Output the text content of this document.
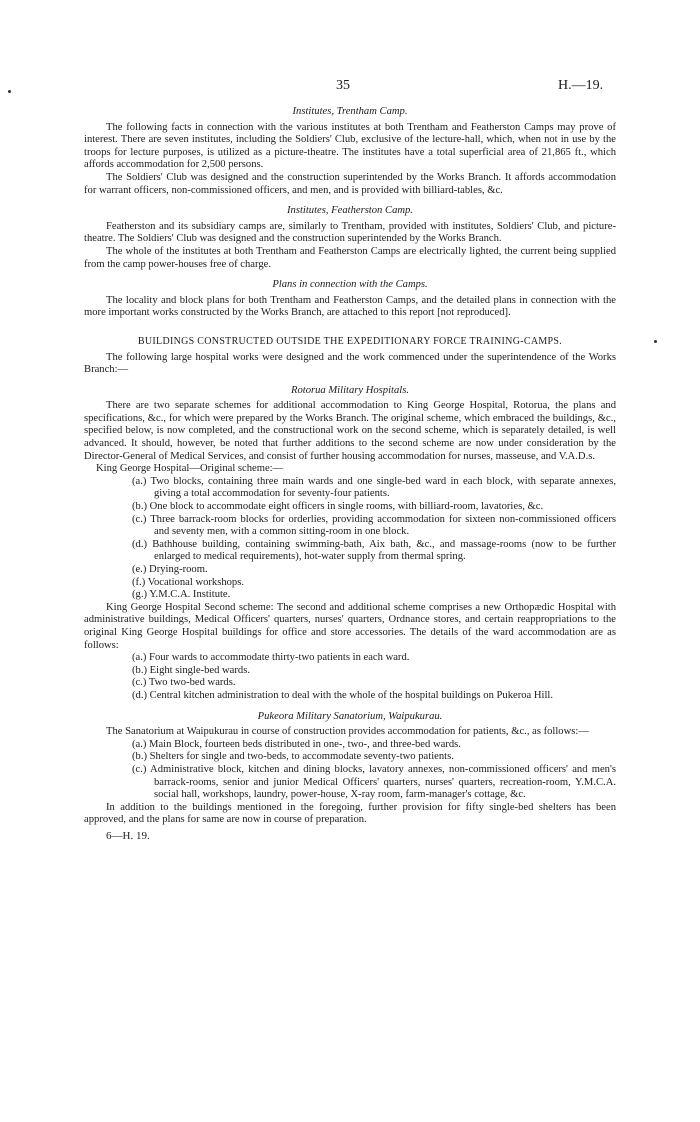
35	H.—19.
Institutes, Trentham Camp.

The following facts in connection with the various institutes at both Trentham and Featherston Camps may prove of interest. There are seven institutes, including the Soldiers' Club, exclusive of the lecture-hall, which, when not in use by the troops for lecture purposes, is utilized as a picture-theatre. The institutes have a total superficial area of 21,865 ft., which affords accommodation for 2,500 persons.

The Soldiers' Club was designed and the construction superintended by the Works Branch. It affords accommodation for warrant officers, non-commissioned officers, and men, and is provided with billiard-tables, &c.

Institutes, Featherston Camp.

Featherston and its subsidiary camps are, similarly to Trentham, provided with institutes, Soldiers' Club, and picture-theatre. The Soldiers' Club was designed and the construction superintended by the Works Branch.

The whole of the institutes at both Trentham and Featherston Camps are electrically lighted, the current being supplied from the camp power-houses free of charge.

Plans in connection with the Camps.

The locality and block plans for both Trentham and Featherston Camps, and the detailed plans in connection with the more important works constructed by the Works Branch, are attached to this report [not reproduced].

BUILDINGS CONSTRUCTED OUTSIDE THE EXPEDITIONARY FORCE TRAINING-CAMPS.

The following large hospital works were designed and the work commenced under the superintendence of the Works Branch:—

Rotorua Military Hospitals.

There are two separate schemes for additional accommodation to King George Hospital, Rotorua, the plans and specifications, &c., for which were prepared by the Works Branch. The original scheme, which embraced the buildings, &c., specified below, is now completed, and the constructional work on the second scheme, which is separately detailed, is well advanced. It should, however, be noted that further additions to the second scheme are now under consideration by the Director-General of Medical Services, and consist of further housing accommodation for nurses, masseuse, and V.A.D.s.

King George Hospital—Original scheme:—

(a.) Two blocks, containing three main wards and one single-bed ward in each block, with separate annexes, giving a total accommodation for seventy-four patients.
(b.) One block to accommodate eight officers in single rooms, with billiard-room, lavatories, &c.
(c.) Three barrack-room blocks for orderlies, providing accommodation for sixteen non-commissioned officers and seventy men, with a common sitting-room in one block.
(d.) Bathhouse building, containing swimming-bath, Aix bath, &c., and massage-rooms (now to be further enlarged to medical requirements), hot-water supply from thermal spring.
(e.) Drying-room.
(f.) Vocational workshops.
(g.) Y.M.C.A. Institute.

King George Hospital Second scheme: The second and additional scheme comprises a new Orthopædic Hospital with administrative buildings, Medical Officers' quarters, nurses' quarters, Ordnance stores, and certain reappropriations to the original King George Hospital buildings for office and store accessories. The details of the ward accommodation are as follows:

(a.) Four wards to accommodate thirty-two patients in each ward.
(b.) Eight single-bed wards.
(c.) Two two-bed wards.
(d.) Central kitchen administration to deal with the whole of the hospital buildings on Pukeroa Hill.
Pukeora Military Sanatorium, Waipukurau.

The Sanatorium at Waipukurau in course of construction provides accommodation for patients, &c., as follows:—

(a.) Main Block, fourteen beds distributed in one-, two-, and three-bed wards.
(b.) Shelters for single and two-beds, to accommodate seventy-two patients.
(c.) Administrative block, kitchen and dining blocks, lavatory annexes, non-commissioned officers' and men's barrack-rooms, senior and junior Medical Officers' quarters, nurses' quarters, recreation-room, Y.M.C.A. social hall, workshops, laundry, power-house, X-ray room, farm-manager's cottage, &c.

In addition to the buildings mentioned in the foregoing, further provision for fifty single-bed shelters has been approved, and the plans for same are now in course of preparation.

6—H. 19.
